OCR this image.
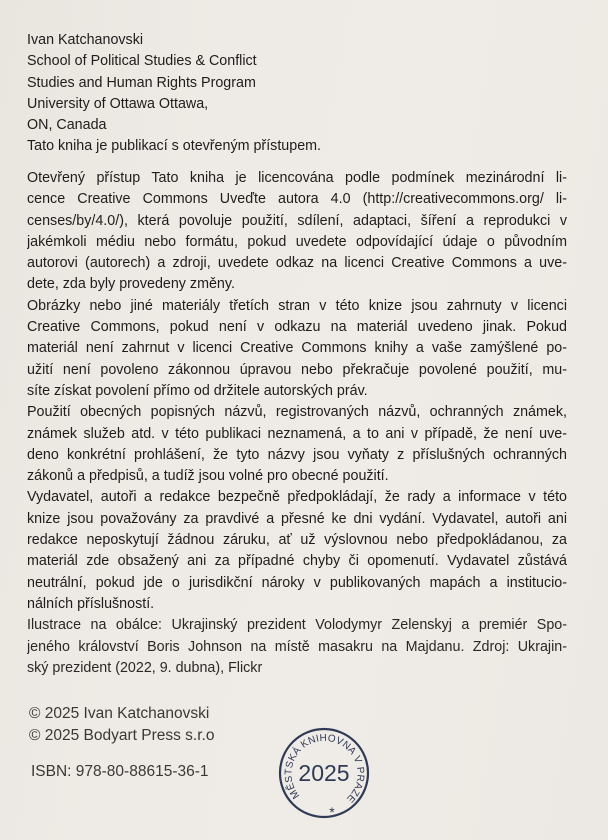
Ivan Katchanovski
School of Political Studies & Conflict
Studies and Human Rights Program
University of Ottawa Ottawa,
ON, Canada
Tato kniha je publikací s otevřeným přístupem.
Otevřený přístup Tato kniha je licencována podle podmínek mezinárodní li-
cence Creative Commons Uveďte autora 4.0 (http://creativecommons.org/ li-
censes/by/4.0/), která povoluje použití, sdílení, adaptaci, šíření a reprodukci v
jakémkoli médiu nebo formátu, pokud uvedete odpovídající údaje o původním
autorovi (autorech) a zdroji, uvedete odkaz na licenci Creative Commons a uve-
dete, zda byly provedeny změny.
Obrázky nebo jiné materiály třetích stran v této knize jsou zahrnuty v licenci
Creative Commons, pokud není v odkazu na materiál uvedeno jinak. Pokud
materiál není zahrnut v licenci Creative Commons knihy a vaše zamýšlené po-
užití není povoleno zákonnou úpravou nebo překračuje povolené použití, mu-
síte získat povolení přímo od držitele autorských práv.
Použití obecných popisných názvů, registrovaných názvů, ochranných známek,
známek služeb atd. v této publikaci neznamená, a to ani v případě, že není uve-
deno konkrétní prohlášení, že tyto názvy jsou vyňaty z příslušných ochranných
zákonů a předpisů, a tudíž jsou volné pro obecné použití.
Vydavatel, autoři a redakce bezpečně předpokládají, že rady a informace v této
knize jsou považovány za pravdivé a přesné ke dni vydání. Vydavatel, autoři ani
redakce neposkytují žádnou záruku, ať už výslovnou nebo předpokládanou, za
materiál zde obsažený ani za případné chyby či opomenutí. Vydavatel zůstává
neutrální, pokud jde o jurisdikční nároky v publikovaných mapách a institucio-
nálních příslušností.
Ilustrace na obálce: Ukrajinský prezident Volodymyr Zelenskyj a premiér Spo-
jeného království Boris Johnson na místě masakru na Majdanu. Zdroj: Ukrajin-
ský prezident (2022, 9. dubna), Flickr
© 2025 Ivan Katchanovski
© 2025 Bodyart Press s.r.o
ISBN: 978-80-88615-36-1
MĚSTSKÁ KNIHOVNA V PRAZE
2025
*
